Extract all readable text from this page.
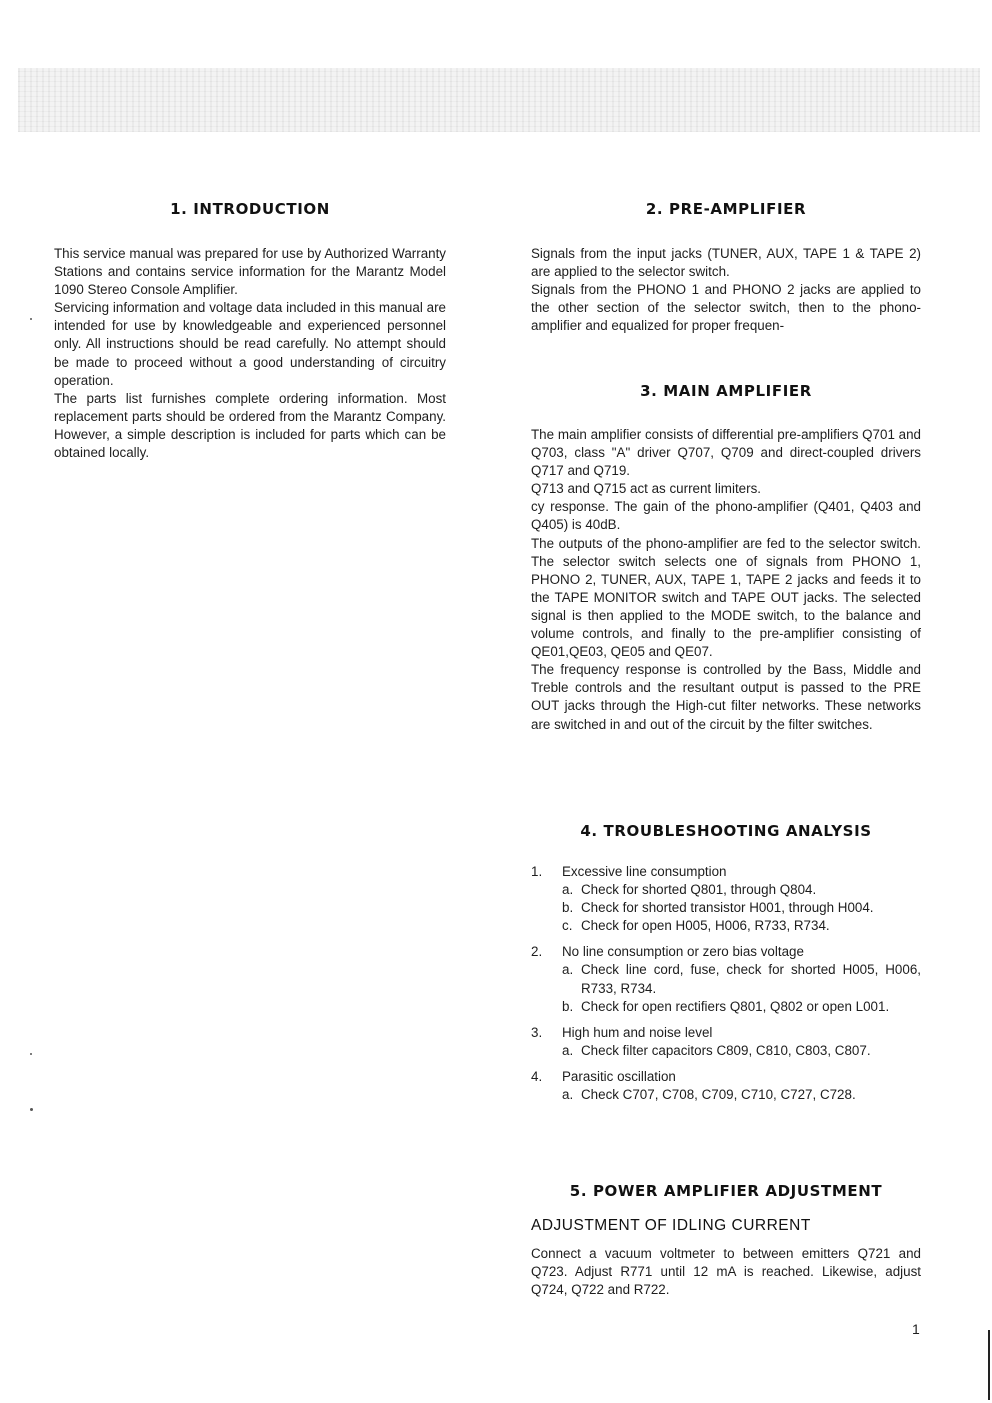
1. INTRODUCTION

This service manual was prepared for use by Authorized Warranty Stations and contains service information for the Marantz Model 1090 Stereo Console Amplifier.

Servicing information and voltage data included in this manual are intended for use by knowledgeable and experienced personnel only. All instructions should be read carefully. No attempt should be made to proceed without a good understanding of circuitry operation.

The parts list furnishes complete ordering information. Most replacement parts should be ordered from the Marantz Company. However, a simple description is included for parts which can be obtained locally.

2. PRE-AMPLIFIER

Signals from the input jacks (TUNER, AUX, TAPE 1 & TAPE 2) are applied to the selector switch.

Signals from the PHONO 1 and PHONO 2 jacks are applied to the other section of the selector switch, then to the phono-amplifier and equalized for proper frequen-

3. MAIN AMPLIFIER

The main amplifier consists of differential pre-amplifiers Q701 and Q703, class "A" driver Q707, Q709 and direct-coupled drivers Q717 and Q719.

Q713 and Q715 act as current limiters.

cy response. The gain of the phono-amplifier (Q401, Q403 and Q405) is 40dB.

The outputs of the phono-amplifier are fed to the selector switch. The selector switch selects one of signals from PHONO 1, PHONO 2, TUNER, AUX, TAPE 1, TAPE 2 jacks and feeds it to the TAPE MONITOR switch and TAPE OUT jacks. The selected signal is then applied to the MODE switch, to the balance and volume controls, and finally to the pre-amplifier consisting of QE01,QE03, QE05 and QE07.

The frequency response is controlled by the Bass, Middle and Treble controls and the resultant output is passed to the PRE OUT jacks through the High-cut filter networks. These networks are switched in and out of the circuit by the filter switches.

4. TROUBLESHOOTING ANALYSIS
1. Excessive line consumption
a. Check for shorted Q801, through Q804.
b. Check for shorted transistor H001, through H004.
c. Check for open H005, H006, R733, R734.
2. No line consumption or zero bias voltage
a. Check line cord, fuse, check for shorted H005, H006, R733, R734.
b. Check for open rectifiers Q801, Q802 or open L001.
3. High hum and noise level
a. Check filter capacitors C809, C810, C803, C807.
4. Parasitic oscillation
a. Check C707, C708, C709, C710, C727, C728.
5. POWER AMPLIFIER ADJUSTMENT
ADJUSTMENT OF IDLING CURRENT

Connect a vacuum voltmeter to between emitters Q721 and Q723. Adjust R771 until 12 mA is reached. Likewise, adjust Q724, Q722 and R722.

1
